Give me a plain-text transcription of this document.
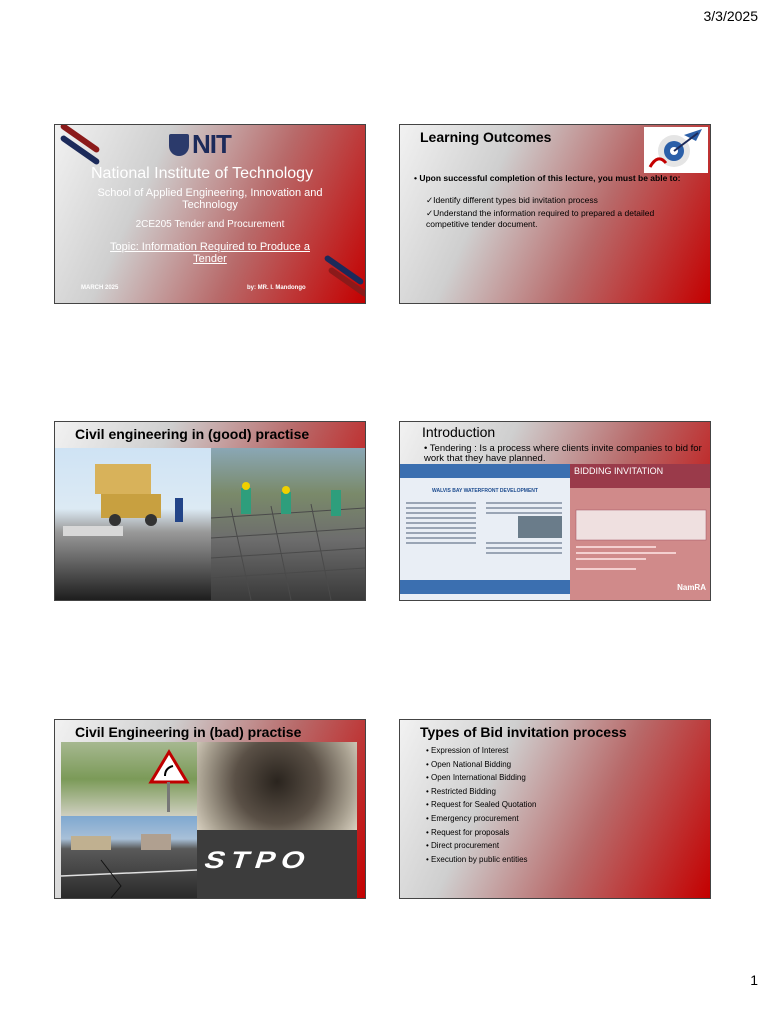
3/3/2025
NIT
National Institute of Technology
School of Applied Engineering, Innovation and Technology
2CE205 Tender and Procurement
Topic: Information Required to Produce a Tender
MARCH 2025	by: MR. I. Mandongo
Learning Outcomes
• Upon successful completion of this lecture, you must be able to:
✓Identify different types bid invitation process
✓Understand the information required to prepared a detailed competitive tender document.
Civil engineering in (good) practise	Introduction
• Tendering : Is a process where clients invite companies to bid for work that they have planned.
WALVIS BAY WATERFRONT DEVELOPMENT
BIDDING INVITATION
NamRA
Civil Engineering in (bad) practise
STPO
Types of Bid invitation process
• Expression of Interest
• Open National Bidding
• Open International Bidding
• Restricted Bidding
• Request for Sealed Quotation
• Emergency procurement
• Request for proposals
• Direct procurement
• Execution by public entities
1
